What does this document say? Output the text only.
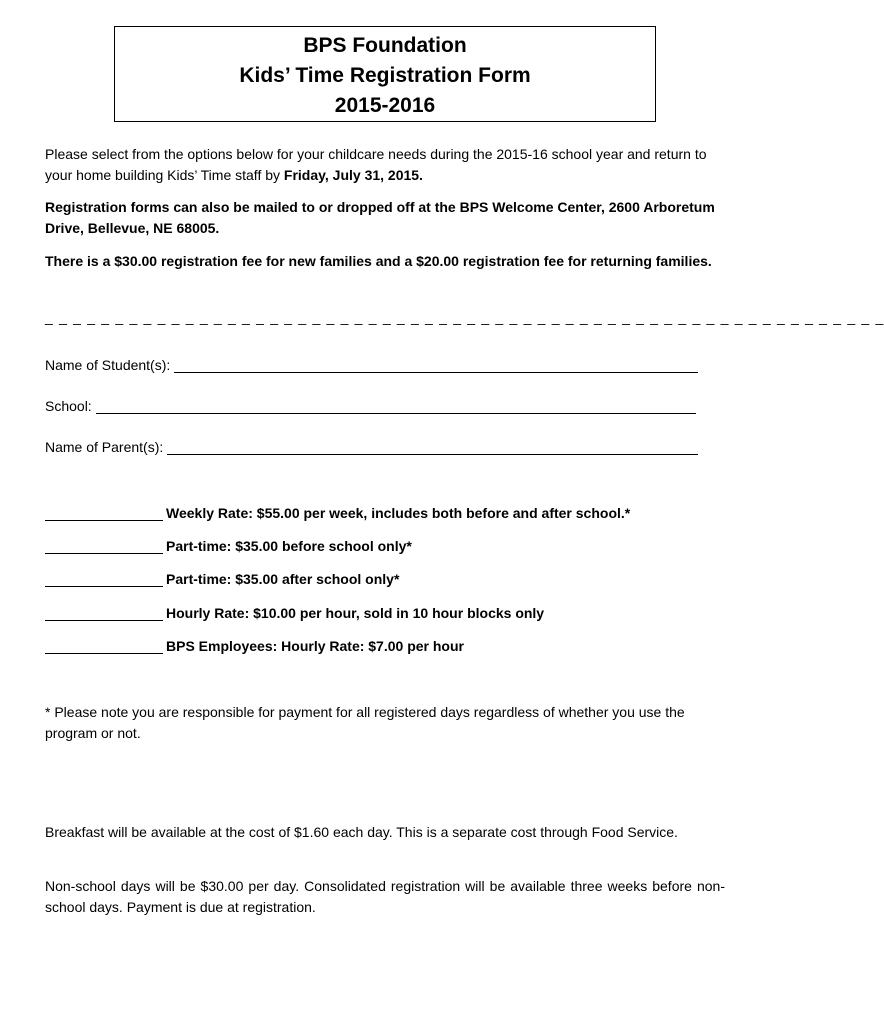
BPS Foundation
Kids’ Time Registration Form
2015-2016

Please select from the options below for your childcare needs during the 2015-16 school year and return to your home building Kids’ Time staff by Friday, July 31, 2015.

Registration forms can also be mailed to or dropped off at the BPS Welcome Center, 2600 Arboretum Drive, Bellevue, NE 68005.

There is a $30.00 registration fee for new families and a $20.00 registration fee for returning families.

_ _ _ _ _ _ _ _ _ _ _ _ _ _ _ _ _ _ _ _ _ _ _ _ _ _ _ _ _ _ _ _ _ _ _ _ _ _ _ _ _ _ _ _ _ _ _ _ _ _ _ _ _ _ _ _ _ _ _ _
Name of Student(s):
School:
Name of Parent(s):
Weekly Rate: $55.00 per week, includes both before and after school.*
Part-time: $35.00 before school only*
Part-time: $35.00 after school only*
Hourly Rate: $10.00 per hour, sold in 10 hour blocks only
BPS Employees: Hourly Rate: $7.00 per hour

* Please note you are responsible for payment for all registered days regardless of whether you use the program or not.

Breakfast will be available at the cost of $1.60 each day. This is a separate cost through Food Service.

Non-school days will be $30.00 per day. Consolidated registration will be available three weeks before non-school days. Payment is due at registration.
